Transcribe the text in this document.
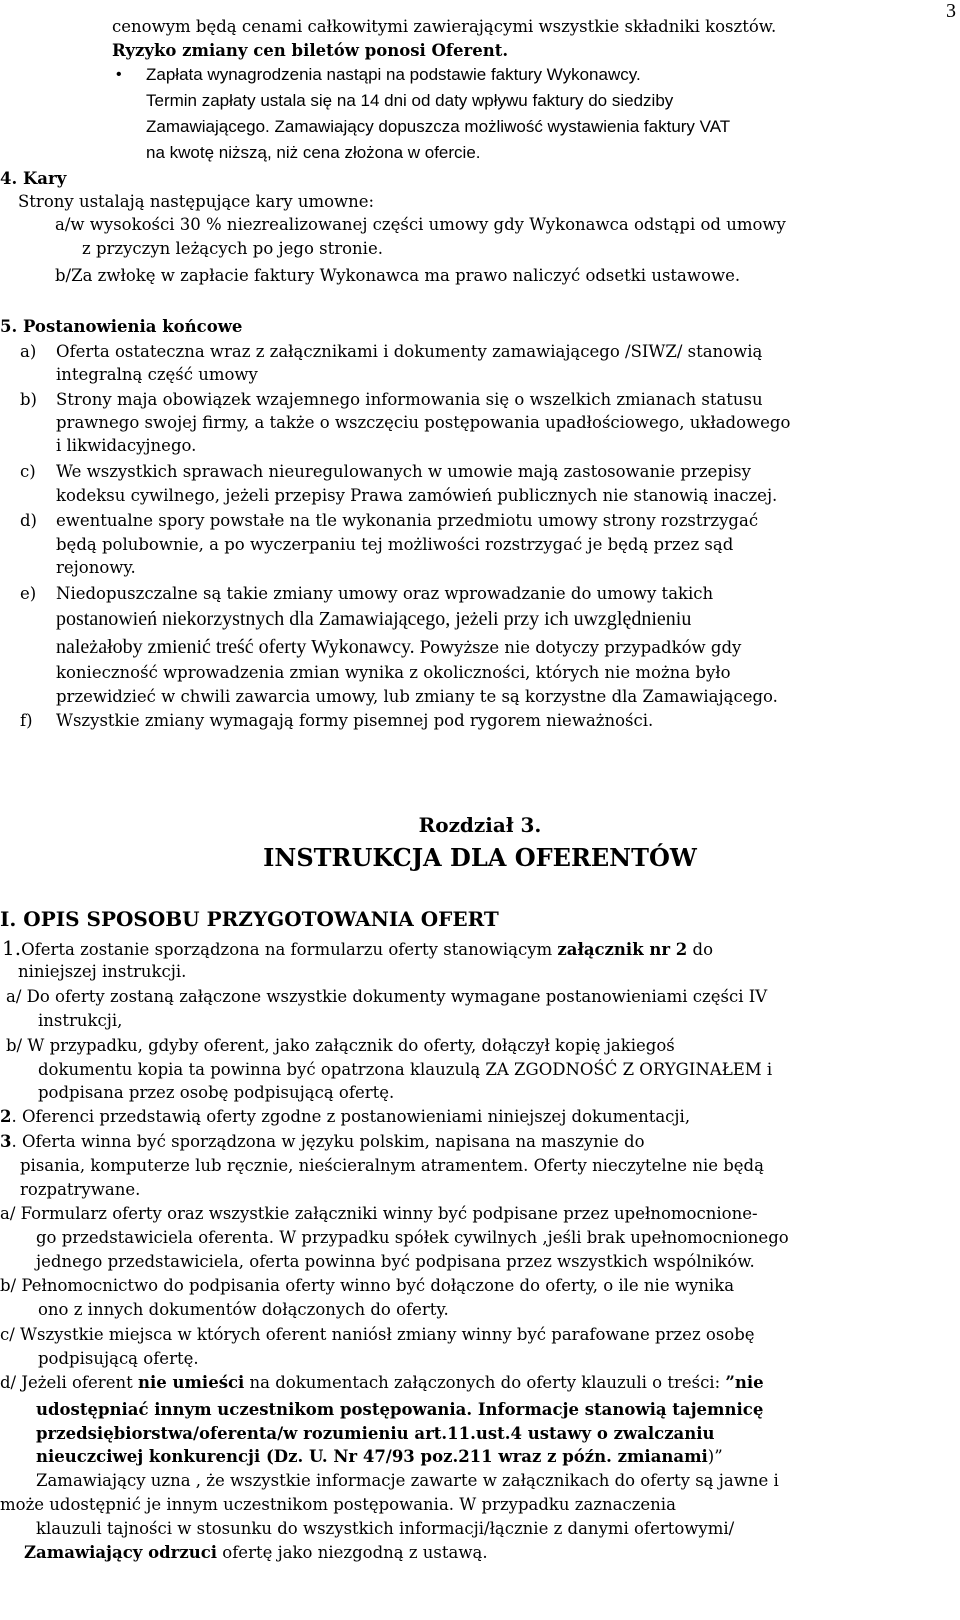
3
cenowym będą cenami całkowitymi zawierającymi wszystkie składniki kosztów.
Ryzyko zmiany cen biletów ponosi Oferent.
• Zapłata wynagrodzenia nastąpi na podstawie faktury Wykonawcy.
Termin zapłaty ustala się na 14 dni od daty wpływu faktury do siedziby
Zamawiającego. Zamawiający dopuszcza możliwość wystawienia faktury VAT
na kwotę niższą, niż cena złożona w ofercie.
4. Kary
Strony ustalają następujące kary umowne:
a/w wysokości 30 % niezrealizowanej części umowy gdy Wykonawca odstąpi od umowy
z przyczyn leżących po jego stronie.
b/Za zwłokę w zapłacie faktury Wykonawca ma prawo naliczyć odsetki ustawowe.
5. Postanowienia końcowe
a) Oferta ostateczna wraz z załącznikami i dokumenty zamawiającego /SIWZ/ stanowią
integralną część umowy
b) Strony maja obowiązek wzajemnego informowania się o wszelkich zmianach statusu
prawnego swojej firmy, a także o wszczęciu postępowania upadłościowego, układowego
i likwidacyjnego.
c) We wszystkich sprawach nieuregulowanych w umowie mają zastosowanie przepisy
kodeksu cywilnego, jeżeli przepisy Prawa zamówień publicznych nie stanowią inaczej.
d) ewentualne spory powstałe na tle wykonania przedmiotu umowy strony rozstrzygać
będą polubownie, a po wyczerpaniu tej możliwości rozstrzygać je będą przez sąd
rejonowy.
e) Niedopuszczalne są takie zmiany umowy oraz wprowadzanie do umowy takich
postanowień niekorzystnych dla Zamawiającego, jeżeli przy ich uwzględnieniu
należałoby zmienić treść oferty Wykonawcy. Powyższe nie dotyczy przypadków gdy
konieczność wprowadzenia zmian wynika z okoliczności, których nie można było
przewidzieć w chwili zawarcia umowy, lub zmiany te są korzystne dla Zamawiającego.
f) Wszystkie zmiany wymagają formy pisemnej pod rygorem nieważności.
Rozdział 3.
INSTRUKCJA DLA OFERENTÓW
I. OPIS SPOSOBU PRZYGOTOWANIA OFERT
1.Oferta zostanie sporządzona na formularzu oferty stanowiącym załącznik nr 2 do
niniejszej instrukcji.
a/ Do oferty zostaną załączone wszystkie dokumenty wymagane postanowieniami części IV
instrukcji,
b/ W przypadku, gdyby oferent, jako załącznik do oferty, dołączył kopię jakiegoś
dokumentu kopia ta powinna być opatrzona klauzulą ZA ZGODNOŚĆ Z ORYGINAŁEM i
podpisana przez osobę podpisującą ofertę.
2. Oferenci przedstawią oferty zgodne z postanowieniami niniejszej dokumentacji,
3. Oferta winna być sporządzona w języku polskim, napisana na maszynie do
pisania, komputerze lub ręcznie, nieścieralnym atramentem. Oferty nieczytelne nie będą
rozpatrywane.
a/ Formularz oferty oraz wszystkie załączniki winny być podpisane przez upełnomocnione-
go przedstawiciela oferenta. W przypadku spółek cywilnych ,jeśli brak upełnomocnionego
jednego przedstawiciela, oferta powinna być podpisana przez wszystkich wspólników.
b/ Pełnomocnictwo do podpisania oferty winno być dołączone do oferty, o ile nie wynika
ono z innych dokumentów dołączonych do oferty.
c/ Wszystkie miejsca w których oferent naniósł zmiany winny być parafowane przez osobę
podpisującą ofertę.
d/ Jeżeli oferent nie umieści na dokumentach załączonych do oferty klauzuli o treści: ”nie
udostępniać innym uczestnikom postępowania. Informacje stanowią tajemnicę
przedsiębiorstwa/oferenta/w rozumieniu art.11.ust.4 ustawy o zwalczaniu
nieuczciwej konkurencji (Dz. U. Nr 47/93 poz.211 wraz z późn. zmianami)”
Zamawiający uzna , że wszystkie informacje zawarte w załącznikach do oferty są jawne i
może udostępnić je innym uczestnikom postępowania. W przypadku zaznaczenia
klauzuli tajności w stosunku do wszystkich informacji/łącznie z danymi ofertowymi/
Zamawiający odrzuci ofertę jako niezgodną z ustawą.
